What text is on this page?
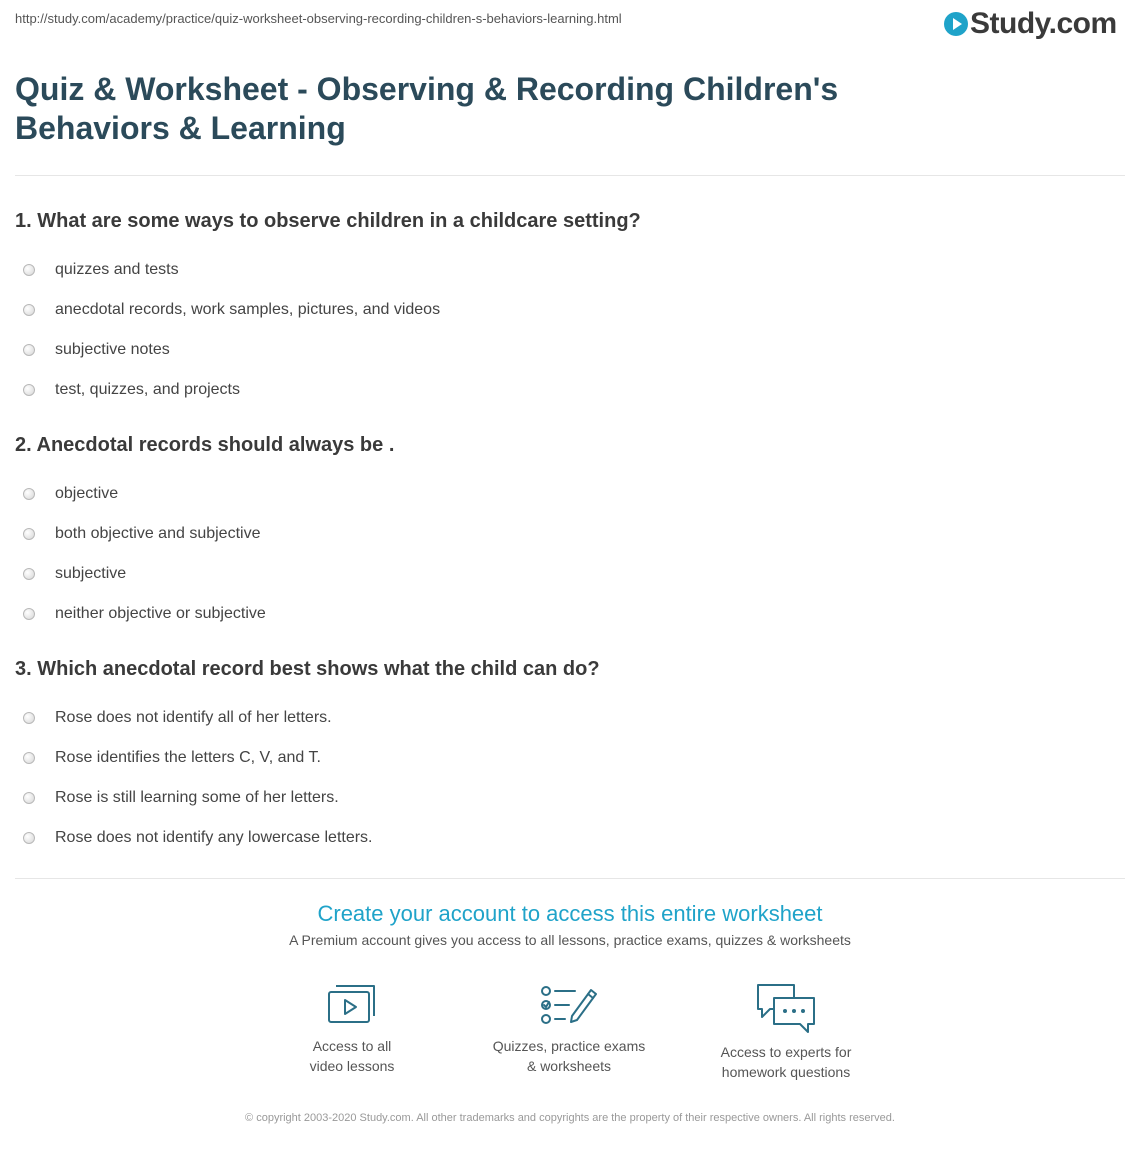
http://study.com/academy/practice/quiz-worksheet-observing-recording-children-s-behaviors-learning.html	Study.com
Quiz & Worksheet - Observing & Recording Children's Behaviors & Learning
1. What are some ways to observe children in a childcare setting?
quizzes and tests
anecdotal records, work samples, pictures, and videos
subjective notes
test, quizzes, and projects
2. Anecdotal records should always be .
objective
both objective and subjective
subjective
neither objective or subjective
3. Which anecdotal record best shows what the child can do?
Rose does not identify all of her letters.
Rose identifies the letters C, V, and T.
Rose is still learning some of her letters.
Rose does not identify any lowercase letters.
Create your account to access this entire worksheet
A Premium account gives you access to all lessons, practice exams, quizzes & worksheets
Access to all
video lessons
Quizzes, practice exams
& worksheets
Access to experts for
homework questions
© copyright 2003-2020 Study.com. All other trademarks and copyrights are the property of their respective owners. All rights reserved.
